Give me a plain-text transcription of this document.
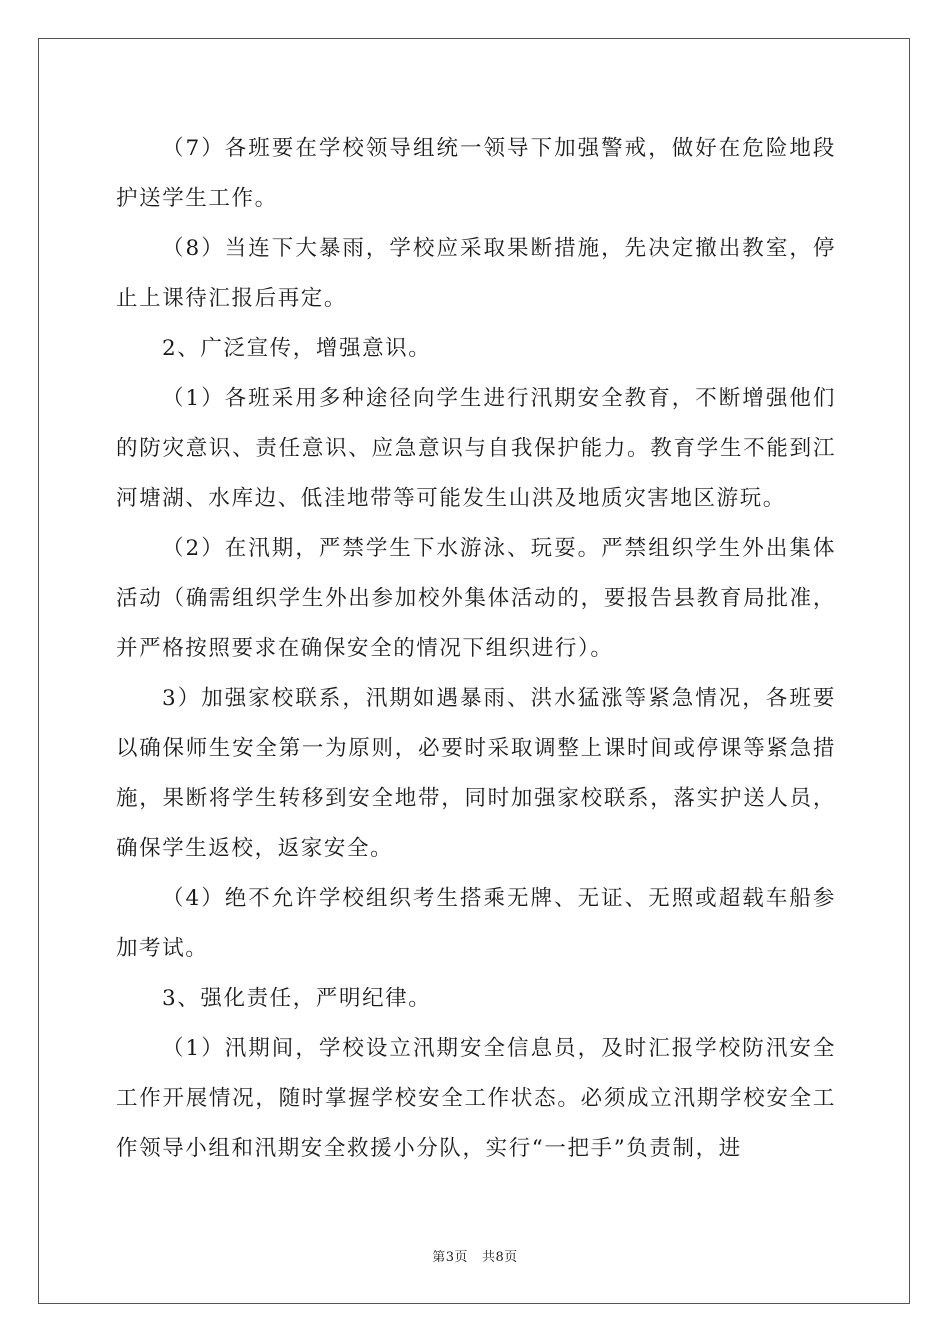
（7）各班要在学校领导组统一领导下加强警戒，做好在危险地段护送学生工作。

（8）当连下大暴雨，学校应采取果断措施，先决定撤出教室，停止上课待汇报后再定。

2、广泛宣传，增强意识。

（1）各班采用多种途径向学生进行汛期安全教育，不断增强他们的防灾意识、责任意识、应急意识与自我保护能力。教育学生不能到江河塘湖、水库边、低洼地带等可能发生山洪及地质灾害地区游玩。

（2）在汛期，严禁学生下水游泳、玩耍。严禁组织学生外出集体活动（确需组织学生外出参加校外集体活动的，要报告县教育局批准，并严格按照要求在确保安全的情况下组织进行）。

3）加强家校联系，汛期如遇暴雨、洪水猛涨等紧急情况，各班要以确保师生安全第一为原则，必要时采取调整上课时间或停课等紧急措施，果断将学生转移到安全地带，同时加强家校联系，落实护送人员，确保学生返校，返家安全。

（4）绝不允许学校组织考生搭乘无牌、无证、无照或超载车船参加考试。

3、强化责任，严明纪律。

（1）汛期间，学校设立汛期安全信息员，及时汇报学校防汛安全工作开展情况，随时掌握学校安全工作状态。必须成立汛期学校安全工作领导小组和汛期安全救援小分队，实行“一把手”负责制，进

第3页 共8页
